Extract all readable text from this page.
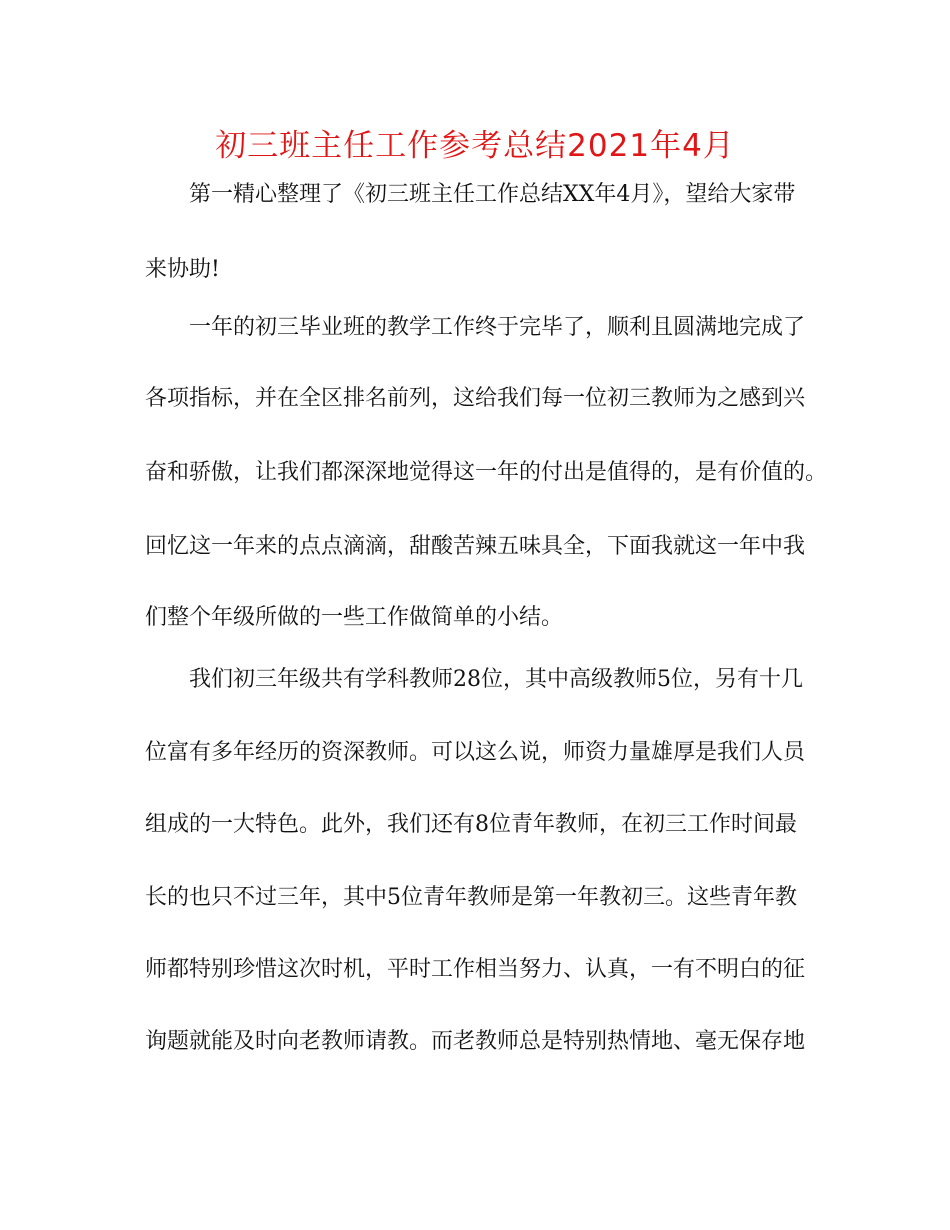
初三班主任工作参考总结2021年4月
第一精心整理了《初三班主任工作总结XX年4月》，望给大家带
来协助!
一年的初三毕业班的教学工作终于完毕了，顺利且圆满地完成了
各项指标，并在全区排名前列，这给我们每一位初三教师为之感到兴
奋和骄傲，让我们都深深地觉得这一年的付出是值得的，是有价值的。
回忆这一年来的点点滴滴，甜酸苦辣五味具全，下面我就这一年中我
们整个年级所做的一些工作做简单的小结。
我们初三年级共有学科教师28位，其中高级教师5位，另有十几
位富有多年经历的资深教师。可以这么说，师资力量雄厚是我们人员
组成的一大特色。此外，我们还有8位青年教师，在初三工作时间最
长的也只不过三年，其中5位青年教师是第一年教初三。这些青年教
师都特别珍惜这次时机，平时工作相当努力、认真，一有不明白的征
询题就能及时向老教师请教。而老教师总是特别热情地、毫无保存地
